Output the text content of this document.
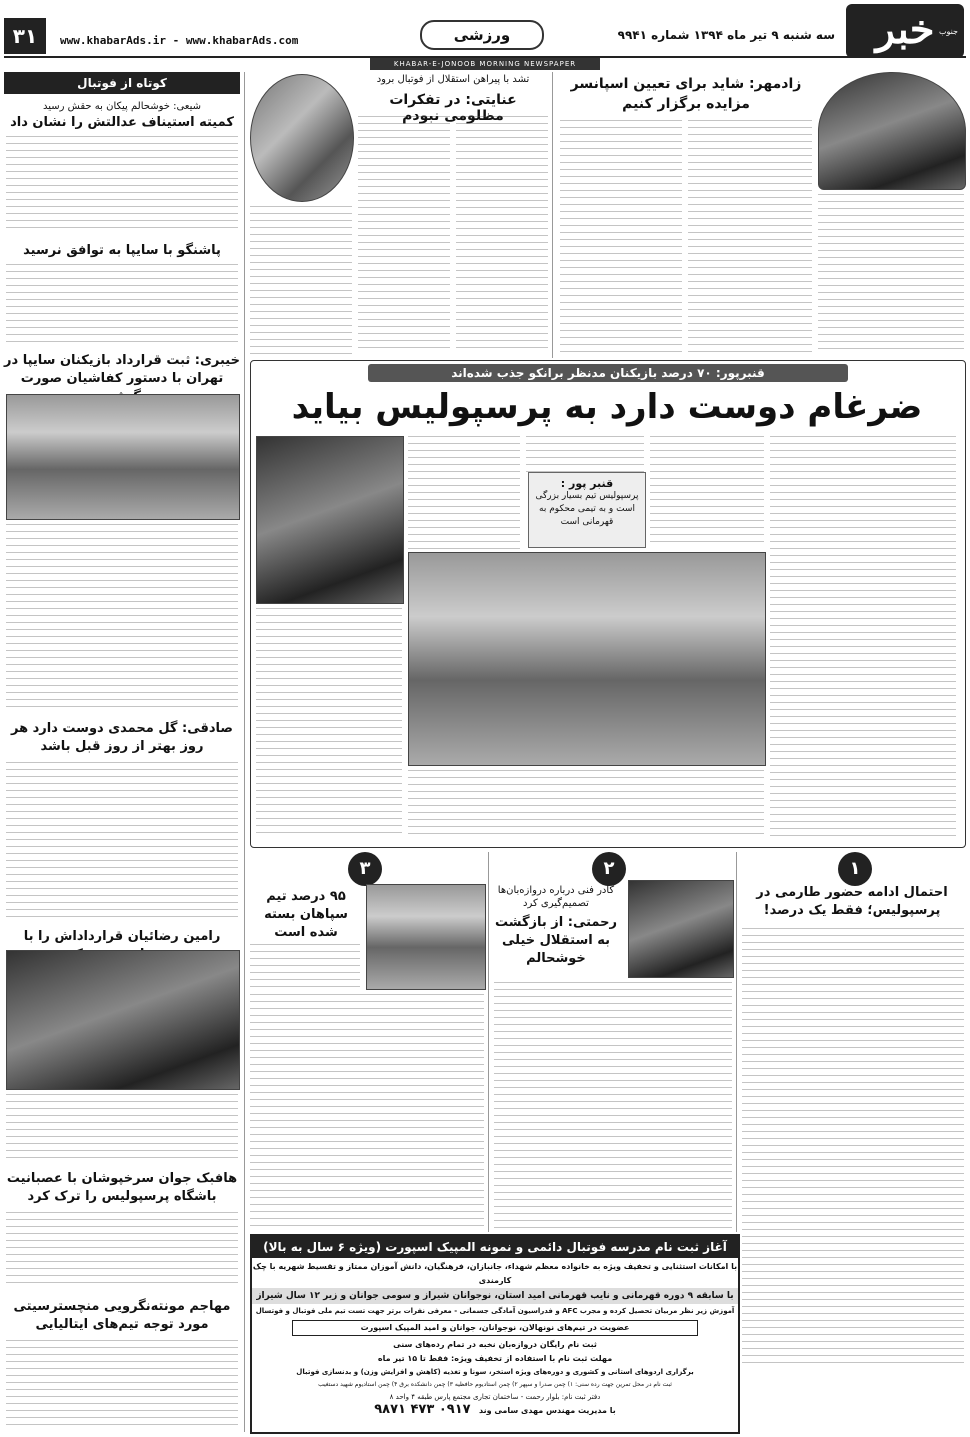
جنوب
خبر
سه شنبه ۹ تیر ماه ۱۳۹۴ شماره ۹۹۴۱
ورزشی
www.khabarAds.ir - www.khabarAds.com
۳۱
KHABAR-E-JONOOB MORNING NEWSPAPER
کوتاه از فوتبال
شیعی: خوشحالم پیکان به حقش رسید
کمیته استیناف عدالتش را نشان داد
پاشنگو با سایپا به توافق نرسید
خیبری: ثبت قرارداد بازیکنان سایپا در تهران با دستور کفاشیان صورت
صادقی: گل محمدی دوست دارد هر روز بهتر از روز قبل باشد
رامین رضائیان قرارداداش را با
هافبک جوان سرخپوشان با عصبانیت باشگاه پرسپولیس را ترک کرد
مهاجم مونته‌نگرویی منچسترسیتی مورد توجه تیم‌های ایتالیایی
زادمهر: شاید برای تعیین اسپانسر
مزایده برگزار کنیم
تشد با پیراهن استقلال از فوتبال برود
عنایتی: در تفکرات مظلومی نبودم
قنبرپور: ۷۰ درصد بازیکنان مدنظر برانکو جذب شده‌اند
ضرغام دوست دارد به پرسپولیس بیاید
قنبر پور :
پرسپولیس تیم بسیار بزرگی است و به تیمی محکوم به قهرمانی است
۱
احتمال ادامه حضور طارمی در پرسپولیس؛ فقط یک درصد!
۲
کادر فنی درباره دروازه‌بان‌ها تصمیم‌گیری کرد
رحمتی: از بازگشت به استقلال خیلی خوشحالم
۳
۹۵ درصد تیم سپاهان بسته شده است
آغاز ثبت نام مدرسه فوتبال دائمی و نمونه المپیک اسپورت (ویژه ۶ سال به بالا)
با امکانات استثنایی و تخفیف ویژه به خانواده معظم شهداء، جانبازان، فرهنگیان، دانش آموزان ممتاز و تقسیط شهریه با چک کارمندی
با سابقه ۹ دوره قهرمانی و نایب قهرمانی امید استان، نوجوانان شیراز و سومی جوانان و زیر ۱۲ سال شیراز
آموزش زیر نظر مربیان تحصیل کرده و مجرب AFC و فدراسیون آمادگی جسمانی - معرفی نفرات برتر جهت تست تیم ملی فوتبال و فوتسال
عضویت در تیم‌های نونهالان، نوجوانان، جوانان و امید المپیک اسپورت
ثبت نام رایگان دروازه‌بان نخبه در تمام رده‌های سنی
مهلت ثبت نام با استفاده از تخفیف ویژه: فقط تا ۱۵ تیر ماه
برگزاری اردوهای استانی و کشوری و دوره‌های ویژه استخر، سونا و تغذیه (کاهش و افزایش وزن) و بدنسازی فوتبال
ثبت نام در محل تمرین جهت رده سنی: ۱) چمن صدرا و سپهر ۲) چمن استادیوم حافظیه ۳) چمن دانشکده برق ۴) چمن استادیوم شهید دستغیب
دفتر ثبت نام: بلوار رحمت - ساختمان تجاری مجتمع پارس طبقه ۴ واحد ۸
با مدیریت مهندس مهدی سامی وند   ۰۹۱۷ ۴۷۳ ۹۸۷۱
